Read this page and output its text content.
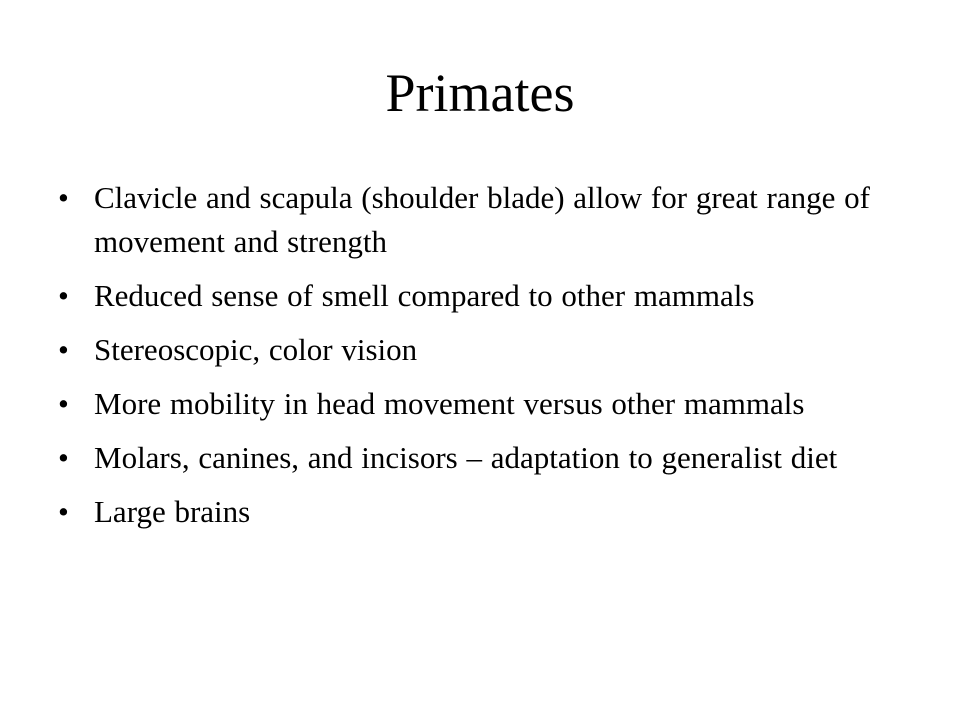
Primates
• Clavicle and scapula (shoulder blade) allow for great range of movement and strength
• Reduced sense of smell compared to other mammals
• Stereoscopic, color vision
• More mobility in head movement versus other mammals
• Molars, canines, and incisors – adaptation to generalist diet
• Large brains
